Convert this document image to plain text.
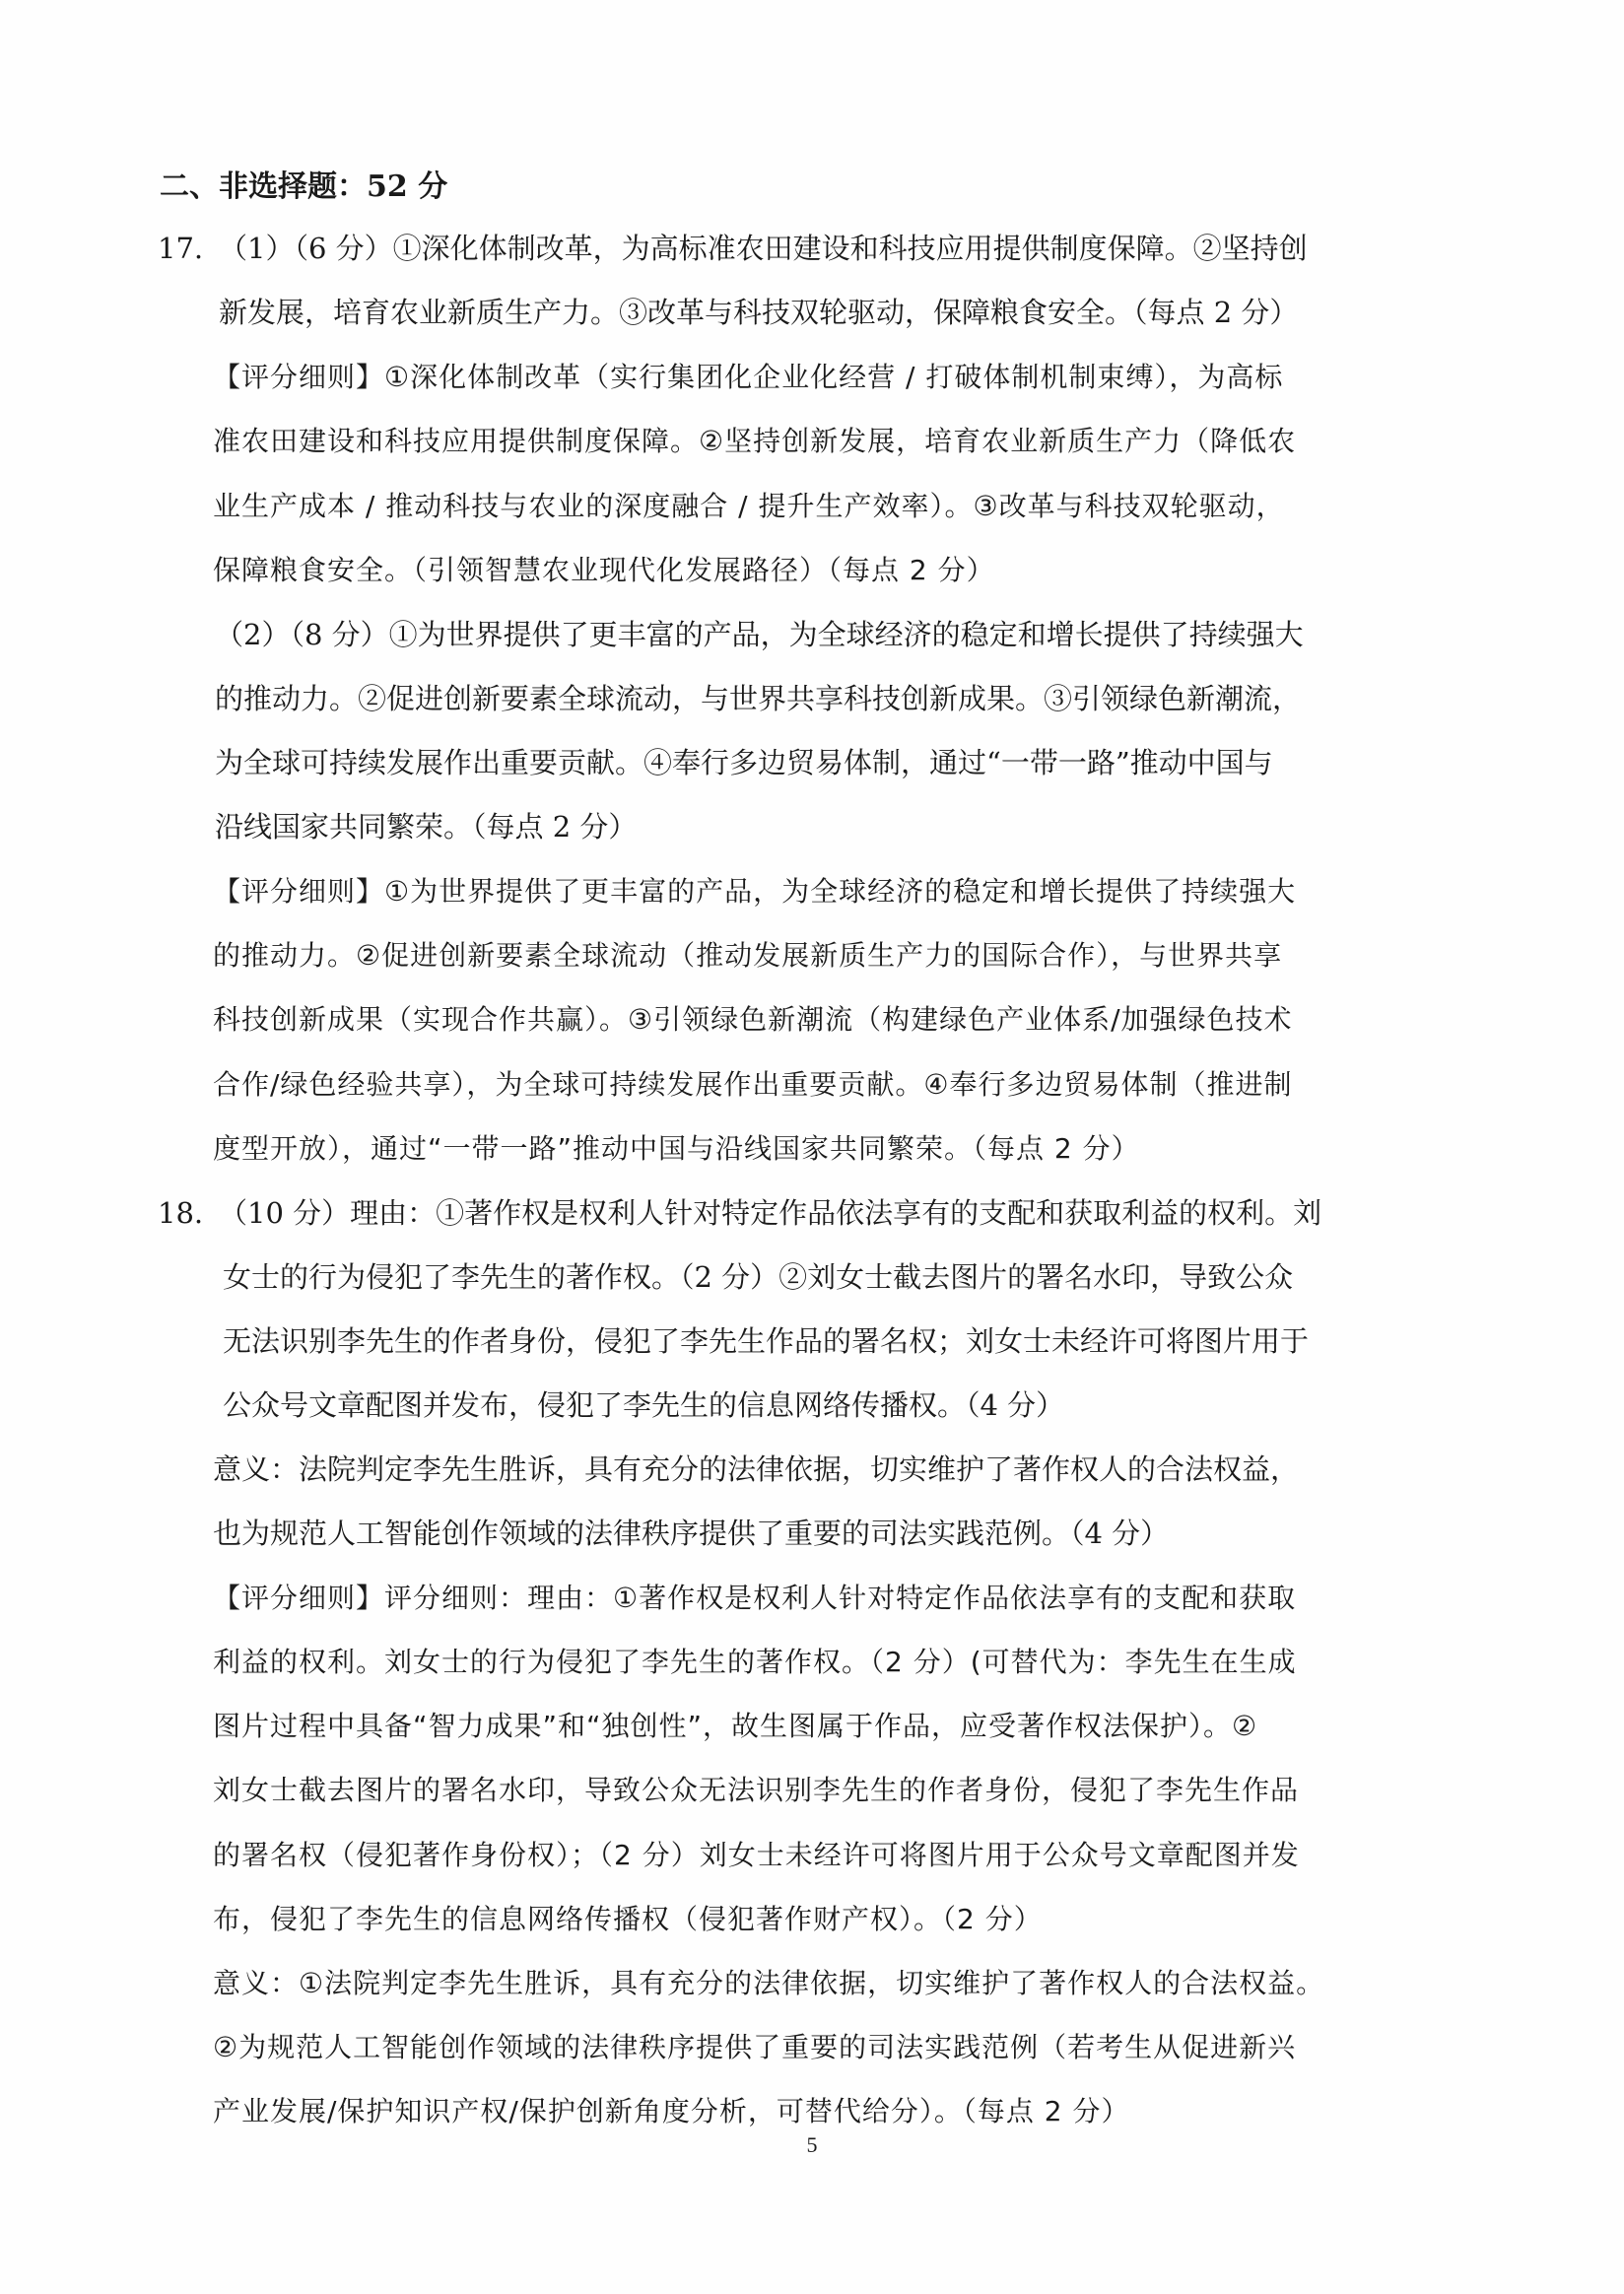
二、非选择题：52 分
17. （1）（6 分）①深化体制改革，为高标准农田建设和科技应用提供制度保障。②坚持创
新发展，培育农业新质生产力。③改革与科技双轮驱动，保障粮食安全。（每点 2 分）
【评分细则】①深化体制改革（实行集团化企业化经营 / 打破体制机制束缚），为高标
准农田建设和科技应用提供制度保障。②坚持创新发展，培育农业新质生产力（降低农
业生产成本 / 推动科技与农业的深度融合 / 提升生产效率）。③改革与科技双轮驱动，
保障粮食安全。（引领智慧农业现代化发展路径）（每点 2 分）
（2）（8 分）①为世界提供了更丰富的产品，为全球经济的稳定和增长提供了持续强大
的推动力。②促进创新要素全球流动，与世界共享科技创新成果。③引领绿色新潮流，
为全球可持续发展作出重要贡献。④奉行多边贸易体制，通过“一带一路”推动中国与
沿线国家共同繁荣。（每点 2 分）
【评分细则】①为世界提供了更丰富的产品，为全球经济的稳定和增长提供了持续强大
的推动力。②促进创新要素全球流动（推动发展新质生产力的国际合作），与世界共享
科技创新成果（实现合作共赢）。③引领绿色新潮流（构建绿色产业体系/加强绿色技术
合作/绿色经验共享），为全球可持续发展作出重要贡献。④奉行多边贸易体制（推进制
度型开放），通过“一带一路”推动中国与沿线国家共同繁荣。（每点 2 分）
18. （10 分）理由：①著作权是权利人针对特定作品依法享有的支配和获取利益的权利。刘
女士的行为侵犯了李先生的著作权。（2 分）②刘女士截去图片的署名水印，导致公众
无法识别李先生的作者身份，侵犯了李先生作品的署名权；刘女士未经许可将图片用于
公众号文章配图并发布，侵犯了李先生的信息网络传播权。（4 分）
意义：法院判定李先生胜诉，具有充分的法律依据，切实维护了著作权人的合法权益，
也为规范人工智能创作领域的法律秩序提供了重要的司法实践范例。（4 分）
【评分细则】评分细则：理由：①著作权是权利人针对特定作品依法享有的支配和获取
利益的权利。刘女士的行为侵犯了李先生的著作权。（2 分）(可替代为：李先生在生成
图片过程中具备“智力成果”和“独创性”，故生图属于作品，应受著作权法保护）。②
刘女士截去图片的署名水印，导致公众无法识别李先生的作者身份，侵犯了李先生作品
的署名权（侵犯著作身份权）；（2 分）刘女士未经许可将图片用于公众号文章配图并发
布，侵犯了李先生的信息网络传播权（侵犯著作财产权）。（2 分）
意义：①法院判定李先生胜诉，具有充分的法律依据，切实维护了著作权人的合法权益。
②为规范人工智能创作领域的法律秩序提供了重要的司法实践范例（若考生从促进新兴
产业发展/保护知识产权/保护创新角度分析，可替代给分）。（每点 2 分）
5
